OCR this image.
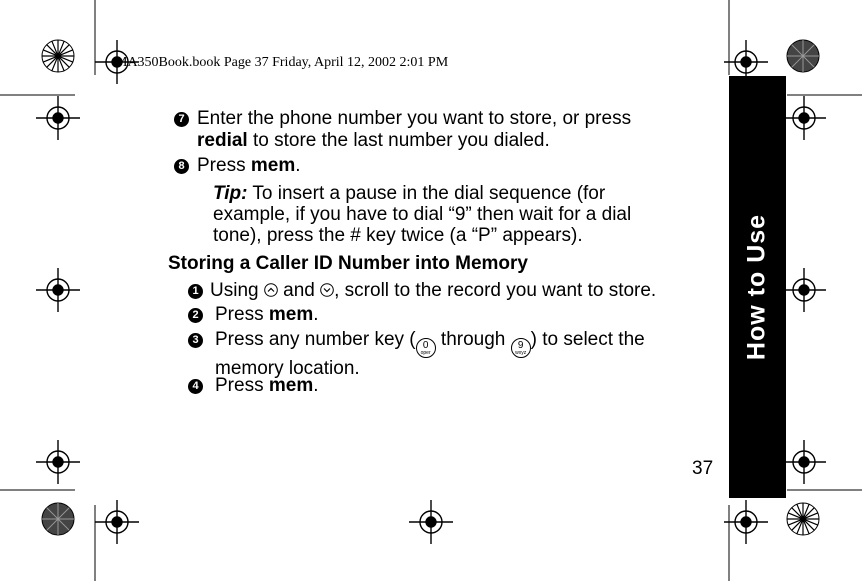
MA350Book.book Page 37 Friday, April 12, 2002 2:01 PM
How to Use
7 Enter the phone number you want to store, or press
redial to store the last number you dialed.
8 Press mem.
Tip: To insert a pause in the dial sequence (for
example, if you have to dial “9” then wait for a dial
tone), press the # key twice (a “P” appears).
Storing a Caller ID Number into Memory
1 Using  and , scroll to the record you want to store.
2 Press mem.
3 Press any number key ( 0
oper
through 9
wxyz
) to select the
memory location.
4 Press mem.
37
